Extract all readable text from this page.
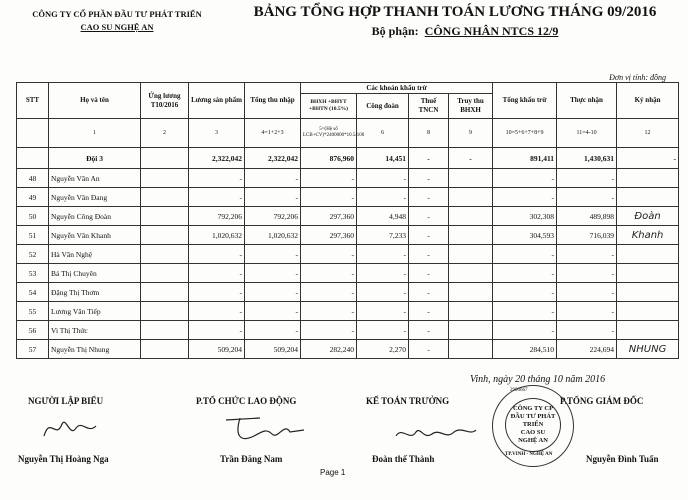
CÔNG TY CỔ PHẦN ĐẦU TƯ PHÁT TRIỂN
CAO SU NGHỆ AN
BẢNG TỔNG HỢP THANH TOÁN LƯƠNG THÁNG 09/2016
Bộ phận: CÔNG NHÂN NTCS 12/9
Đơn vị tính: đồng
STT	Họ và tên	Ứng lương T10/2016	Lương sản phẩm	Tổng thu nhập	Các khoản khấu trừ				Tổng khấu trừ	Thực nhận	Ký nhận
					BHXH +BHYT +BHTN (10.5%)	Công đoàn	Thuế TNCN	Truy thu BHXH			
	1	2	3	4=1+2+3	5=(Hệ số LCB+CV)*2400000*10.5/100	6	8	9	10=5+6+7+8+9	11=4-10	12
	Đội 3		2,322,042	2,322,042	876,960	14,451	-	-	891,411	1,430,631	-
48	Nguyễn Văn An		-	-	-	-	-		-	-	
49	Nguyễn Văn Đang		-	-	-	-	-		-	-	
50	Nguyễn Công Đoàn		792,206	792,206	297,360	4,948	-		302,308	489,898	Đoàn
51	Nguyễn Văn Khanh		1,020,632	1,020,632	297,360	7,233	-		304,593	716,039	Khanh
52	Hà Văn Nghệ		-	-	-	-	-		-	-	
53	Bá Thị Chuyên		-	-	-	-	-		-	-	
54	Đặng Thị Thơm		-	-	-	-	-		-	-	
55	Lương Văn Tiếp		-	-	-	-	-		-	-	
56	Vi Thị Thức		-	-	-	-	-		-	-	
57	Nguyễn Thị Nhung		509,204	509,204	282,240	2,270	-		284,510	224,694	NHUNG
Vinh, ngày 20 tháng 10 năm 2016
NGƯỜI LẬP BIỂU	P.TỔ CHỨC LAO ĐỘNG	KẾ TOÁN TRƯỞNG	P.TỔNG GIÁM ĐỐC
2900667
CÔNG TY CP
ĐẦU TƯ PHÁT TRIỂN
CAO SU
NGHỆ AN
TP.VINH - NGHỆ AN
Nguyễn Thị Hoàng Nga	Trần Đăng Nam	Đoàn thế Thành	Nguyễn Đình Tuấn
Page 1
